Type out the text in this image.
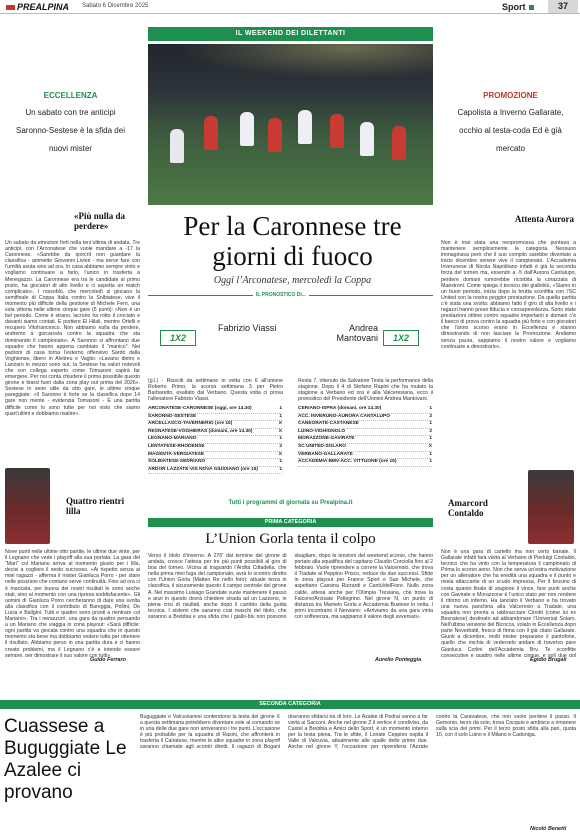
PREALPINA Sabato 6 Dicembre 2025	Sport	37
IL WEEKEND DEI DILETTANTI
ECCELLENZA
Un sabato con tre anticipi Saronno-Sestese è la sfida dei nuovi mister
PROMOZIONE
Capolista a Inverno Gallarate, occhio al testa-coda Ed è già mercato
Per la Caronnese tre giorni di fuoco
Oggi l’Arconatese, mercoledì la Coppa
«Più nulla da perdere»
Un sabato da emozioni forti nella terz’ultima di andata. Tre anticipi, con l’Arconatese che vuole mandare a -17 la Caronnese. «Sarebbe da iporcrit non guardare la classifica - ammette Giovanni Livieri - ma serve fare con l’umiltà avuta sino ad ora. In casa abbiamo sempre vinto e vogliamo continuare a farlo, l’unico in trasferta a Menegazzo. La Caronnese era tra le candidate al primo posto, ha giocatori di alto livello e ci aspetta un match complicato». I rossoblù, che mercoledì si giocano la semifinale di Coppa Italia contro la Solbiatese, vive il momento più difficile della gestione di Michele Ferri, una sola vittoria nelle ultime cinque gare (5 punti): «Non è un bel periodo. Come è strano, lacrorio ha rotto il crociato e davanti siamo contati. E portiere El Hilali, mentre Ortelli e recupero Vitofrancesco. Non abbiamo nulla da perdere, andremo a giocarcela contro la squadra che sta dominando il campionato». A Saronno si affrontano due squadre che hanno appena cambiato il “manico”. Nei padroni di casa torna l’esterno offensivo Sardo dalla Voghiense, libero in Alvitreu e Vaglio: «Lavano dietro e Lanzaro in mezzo sono out, la Sestese ha valori notevoli che con collega esperto come Tomasoni capirà far emergere. Per noi conta chiudere il prima possibile questo girone e tirarsi fuori dalla zona play out prima del 2026». Sestese in serie utile da otto gare, le ultime cinque pareggiate: «Il Saronno è forte se la classifica dopo 14 gare non mente - evidenzia Tomasoni - È una partita difficile come lo sono tutte per noi visto che siamo quart’ultimi e dobbiamo risalire».
Quattro rientri lilla
Nove punti nelle ultime otto partite, le ultime due vinte, per il Legnano che vede i playoff alla sua portata. La gara del “Mari” col Mariano arriva al momento giusto per i lilla, decisi a cogliere il sesto successo. «Ai rispetto senza ai miei ragazzi - afferma il mister Gianluca Porro - per stare nelle posizioni che contano serve continuità. Fino ad ora ci è mancata, per buona dei nostri risultati le sono anche stati, sino al momento con una ripresa soddisfacente». Gli uomini di Gianluca Porro cercheranno di dare una svolta alla classifica con il contributo di Bareggia, Pellini, De Lucia e Ballgini. Tutti e quattro sono pronti a rientrare col Mariano». Tra i nerazzurri, una gara da quattro pensando a un Mariano che viaggia in zona playout: «Sarà difficile: ogni partita va giocata contro una squadra che in questo momento sta bene ma dobbiamo vedere tutto per ottenere il risultato. Abbiamo perso in una partita dura e ci hanno creato problemi, ma il Legnano c’è e intende essere sempre, per dimostrare il suo valore con tutti».
Guido Ferraro
Attenta Aurora
Non è mai stata una neopromossa che puntava a mantenere semplicemente la categoria. Nessuno immaginava però che il suo compito sarebbe diventato a inizio dicembre senere vive il campionato. L’Accademia Inverunese di Nicola Napolitano infatti è già la seconda forza del torneo ma, essendo a -5 dall’Aurora Cantalupo, perdere domani rumorebbe ricorbita la corazzata di Maestroni. Come spiega il tecnico dei gialloblù, «Siamo in un buon periodo, inizia dopo la brutta sconfitta con l’SC United con la nostra peggior prestazione. Da quella partita c’è stata una svolta: abbiamo fatto il giro di alta livello e i ragazzi hanno preso fiducia e consapevolezza. Sono state prestazioni ottime contro squadre importanti e domani c’è il banco di prova contro la squadra più forte e con giocatori che l’anno scorso erano in Eccellenza e stanno dimostrando di non lasciare la Promozione. Andiamo senza paura, sappiamo il nostro valore e vogliamo continuare a dimostrarlo».
Amarcord Contaldo
Non è una gara di cartello ma non certo banale. Il Gallarate infatti farà visita al Verbano di Pierluigi Contaldo, tecnico che ha vinto con la temperatura il campionato di Prima lo scorso anno. Non che serva un’estra motivazione per un allenatore che ha eredità una squadra e il punto e rivela attaccante di un scudo impressa. Per il brusino di costa quanto finale di stagione il vince, fare punti anche con Gavirate e Morazzone è l’unico stato per non rendere il ritorno un inferno. Ha lanciato il Verbano e ha trovato una nuova panchina alla Valceresio a Tradate, una squadra non pronta a rabbracciare Cinotti (come lui ex Besnatese) destinato ad abbandonare l’Universal Solaro. Nell’ultima versione del Bicocca, volato in Eccellenza dopo parte Novedratti, fresco di firma con il già citato Gallarate. Giunti a dicembre, molti mister preparano il pantofone, quello che rischia di vederselo andare di traverso pare Gianluca Corlini dell’Accademia Brv. Te sconfitte consecutive e quattro nelle ultime cinque, e soli due gol
Egidio Brugali
IL PRONOSTICO DI...
1X2
Fabrizio Viassi
1X2
Andrea Mantovani
(g.l.) - Riusciti da settimane in vetta con 6 all’unione Roberto Primo, la scorsa settimana 3 per Pietro Barbaretto, esaltato dal Verbano. Questa volta ci prova l’allenatore Fabrizio Viassi.
Resta 7, ottenuto da Salvatore Testa la performance della stagione. Dopo il 4 di Stefano Rapini che ha mutato la stagione a Verbano ed ora è alla Valceresiana, ecco il pronostico del Presidente dell’Uomini Andrea Mantovani.
ARCONATESE-CARONNESE (oggi, ore 14.30)	1
SARONNO-SESTESE	1
ARCELLASCO-TAVERNERIO (ore 15)	X
RESNATESE-VOGHIERAS (domani, ore 14.30)	X
LEGNANO-MARIANO	1
LENTATESE-RHODENSE	2
MAGENTA-VERGIATESE	X
SOLBIATESE-SEDRIANO	1
ARDOR LAZZATE-VIS NOVA GIUSSANO (ore 15)	1
CERIANO-ISPRA (domani, ore 14.30)	1
ACC. INVERUNO-AURORA CANTALUPO	2
CANEGRATE-CASTANESE	1
LUINO-VIGHIGNOLO	2
MORAZZONE-GAVIRATE	1
SC UNITED-SOLARO	X
VERBANO-GALLARATE	1
ACCADEMIA BMV-ACC. VITTUONE (ore 15)	1
Tutti i programmi di giornata su Prealpina.it
PRIMA CATEGORIA
L’Union Gorla tenta il colpo
Verso il titolo d’inverno. A 270’ dal termine del girone di andata, cresce l’attesa per tre più punti possibili al giro di boa del torneo. Vicina al traguardo l’Ardita Cittadella, che nella prima mini fuga del campionato, avrà lo scontro diretto con l’Union Gorla (Matteo Re nello foto): attuale terza in classifica, il sicuramente questo il campo centrale del girone A. Nel massimo Luisago Grandate vuole mantenere il passo e anzi in questo dovrà chiedere strada ad un Lazzeno, in piena crisi di risultati, anche dopo il cambio della guida tecnica. I sistemi che saranno cosi maschi del titolo, che saranno a Brebbia e una sfida che i giallo-blu non possono sbagliare, dopo le tensioni del weekend scorso, che hanno portato alla squalifica del capitano Claudio Corciolla fino al 2 febbraio. Vuole riprendere a correre la Valceresio, che trova il Tradate al Peppino Prisco, reduce da due successi. Sfide in zona playout per France Sport e San Michele, che aspettano Cassina Rizzardi e Cantù/delFiore. Nullo zona calde, attesa anche per l’Olimpia Tresiana, che trova la Falcone/Arcisate Pellegrino. Nel girone N, un punto di distanza tra Mamelo Gorla e Accademia Bustese in vetta. I primi incontrano il Nerviano: «Arriviamo da una gara vinta con sofferenza, ma sappiamo il valore degli avversari».
Aurelio Ponteggia
SECONDA CATEGORIA
Cuassese a Buguggiate Le Azalee ci provano
Buguggiate e Valcuvianesi contendono la testa del girone X a questa settimana potrebbero diventare sole al comando se in una delle due gare non arriveranno i tre punti. L’occasione è più probabile per la squadra di Rasini, che affronterà in trasferta il Cairatese, mentre le altre squadre in zona playoff saranno chiamate agli scontri diretti. Il ragazzi di Bogani dovranno sfidarsi tra di loro. Le Azalee di Pedrai vanno a far visita ai Sacconi. Anche nel girone Z il vertice è condiviso, da Castel a Brebbia e Amici dello Sport, è un momento interno per la testa piena. Tra le sfide, il Lonate Ceppino ospita il Valle di Valcuvia, attualmente alle spalle delle prime due. Anche nel girone Y, l’occasione per riprendersi l’Azzate contro la Caravatese, che non vuole perdere il passo. Il Gemonio, terzo da solo, trova Cocquio e ambisce a rimanere sulla scia dei primi. Per il terzo posto sfida alla pari, quota 10, con il solo Luino e il Milano e Cadoniga.
Nicolò Benetti
